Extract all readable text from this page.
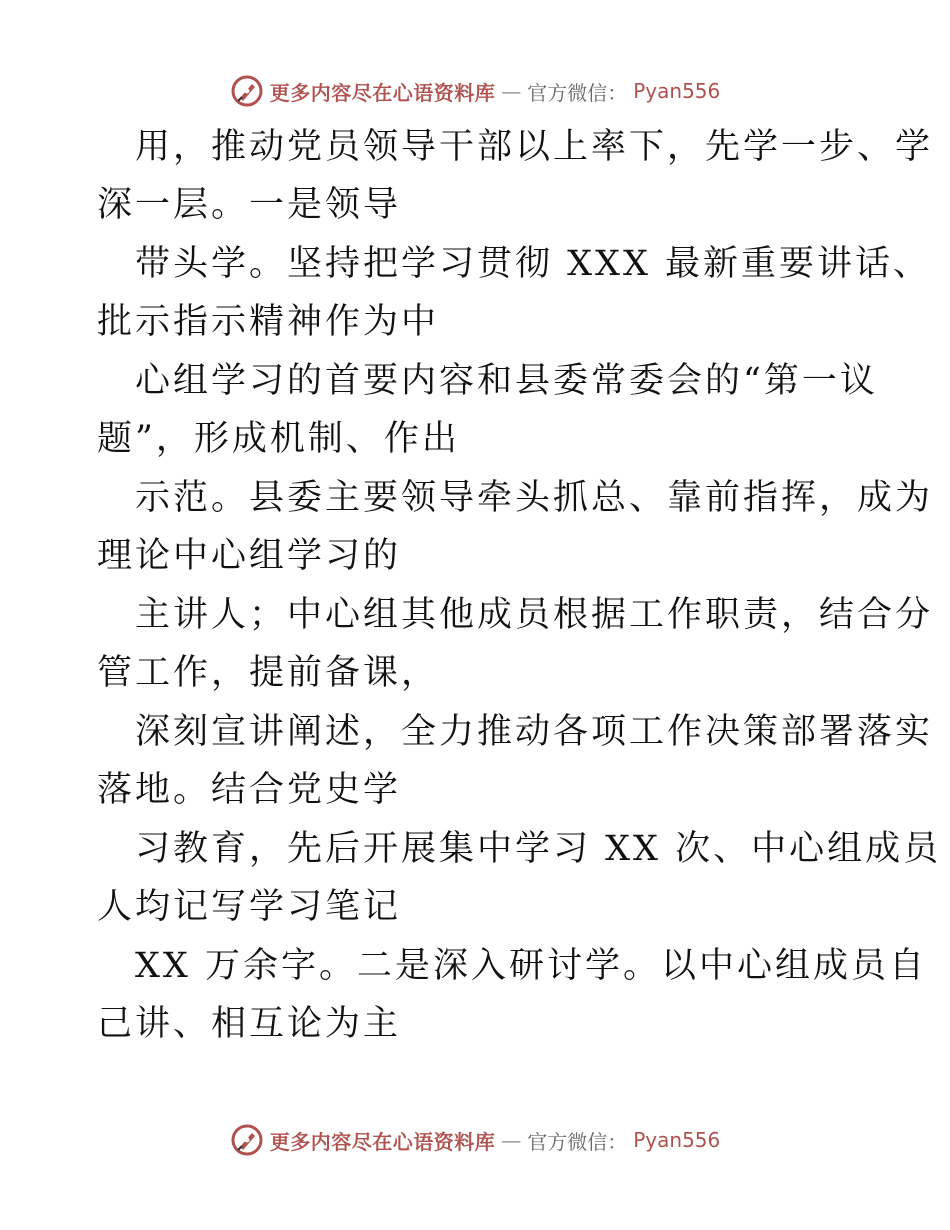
更多内容尽在心语资料库 — 官方微信： Pyan556
用，推动党员领导干部以上率下，先学一步、学
深一层。一是领导
带头学。坚持把学习贯彻 XXX 最新重要讲话、
批示指示精神作为中
心组学习的首要内容和县委常委会的“第一议
题”，形成机制、作出
示范。县委主要领导牵头抓总、靠前指挥，成为
理论中心组学习的
主讲人；中心组其他成员根据工作职责，结合分
管工作，提前备课，
深刻宣讲阐述，全力推动各项工作决策部署落实
落地。结合党史学
习教育，先后开展集中学习 XX 次、中心组成员
人均记写学习笔记
XX 万余字。二是深入研讨学。以中心组成员自
己讲、相互论为主
更多内容尽在心语资料库 — 官方微信： Pyan556
